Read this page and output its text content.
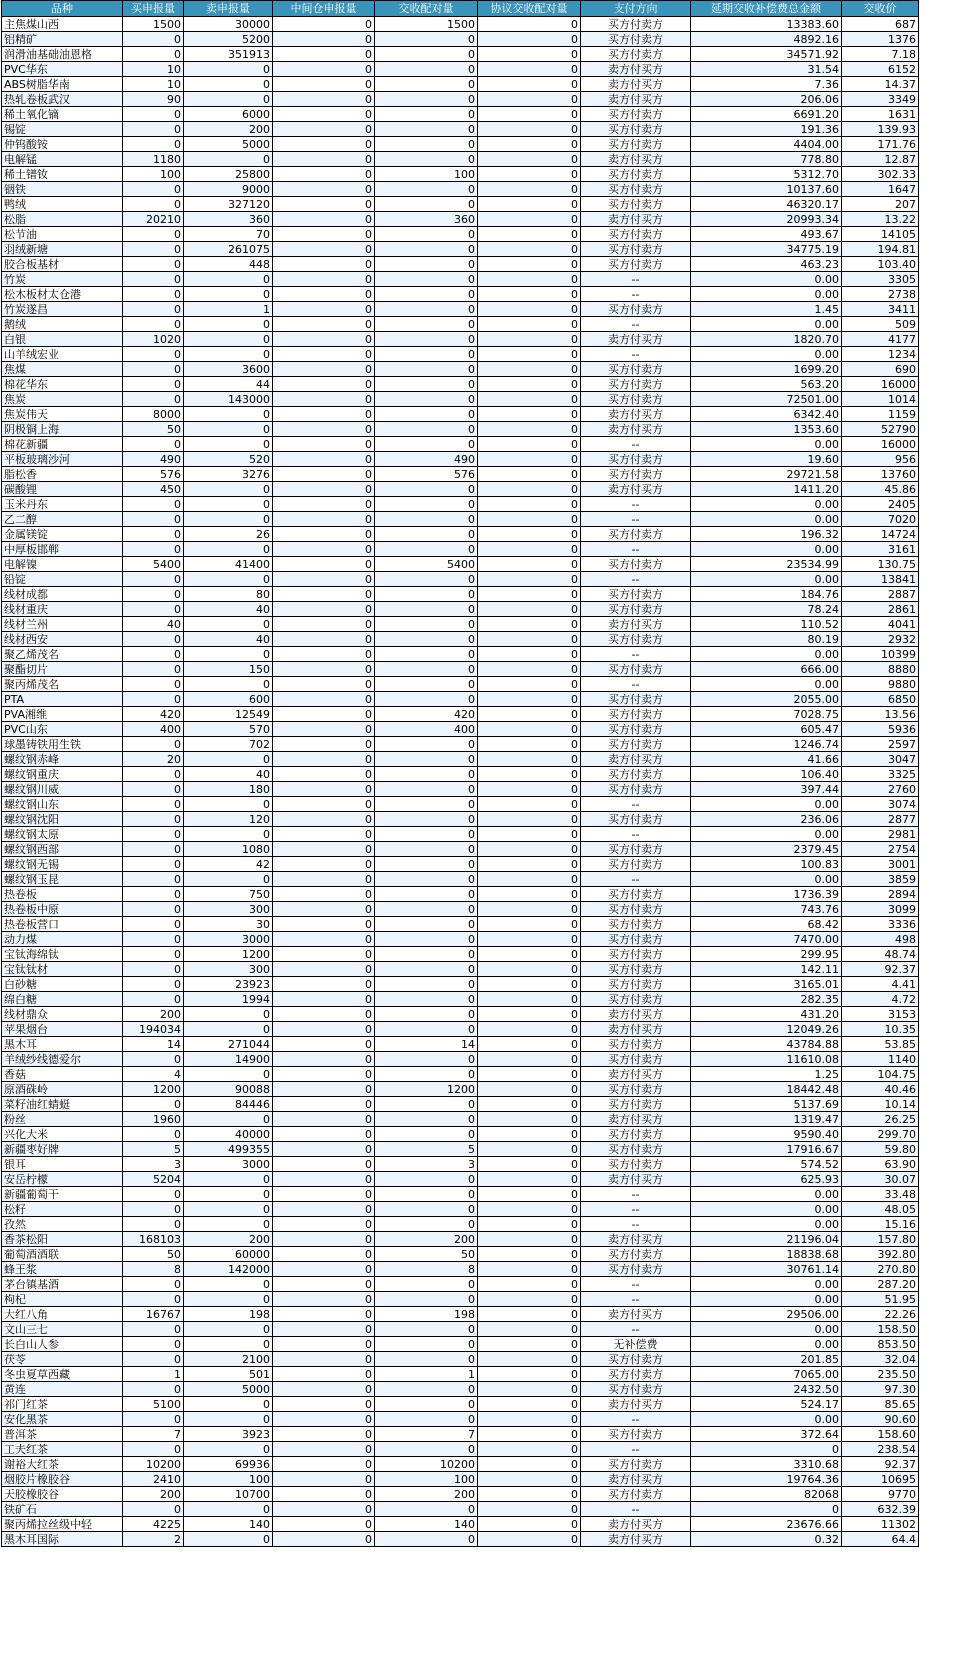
品种	买申报量	卖申报量	中间仓申报量	交收配对量	协议交收配对量	支付方向	延期交收补偿费总金额	交收价
主焦煤山西	1500	30000	0	1500	0	买方付卖方	13383.60	687
铝精矿	0	5200	0	0	0	买方付卖方	4892.16	1376
润滑油基础油恩格	0	351913	0	0	0	买方付卖方	34571.92	7.18
PVC华东	10	0	0	0	0	卖方付买方	31.54	6152
ABS树脂华南	10	0	0	0	0	卖方付买方	7.36	14.37
热轧卷板武汉	90	0	0	0	0	卖方付买方	206.06	3349
稀土氧化镝	0	6000	0	0	0	买方付卖方	6691.20	1631
锡锭	0	200	0	0	0	买方付卖方	191.36	139.93
仲钨酸铵	0	5000	0	0	0	买方付卖方	4404.00	171.76
电解锰	1180	0	0	0	0	卖方付买方	778.80	12.87
稀土镨钕	100	25800	0	100	0	买方付卖方	5312.70	302.33
铟铁	0	9000	0	0	0	买方付卖方	10137.60	1647
鸭绒	0	327120	0	0	0	买方付卖方	46320.17	207
松脂	20210	360	0	360	0	卖方付买方	20993.34	13.22
松节油	0	70	0	0	0	买方付卖方	493.67	14105
羽绒新塘	0	261075	0	0	0	买方付卖方	34775.19	194.81
胶合板基材	0	448	0	0	0	买方付卖方	463.23	103.40
竹炭	0	0	0	0	0	--	0.00	3305
松木板材太仓港	0	0	0	0	0	--	0.00	2738
竹炭遂昌	0	1	0	0	0	买方付卖方	1.45	3411
鹅绒	0	0	0	0	0	--	0.00	509
白银	1020	0	0	0	0	卖方付买方	1820.70	4177
山羊绒宏业	0	0	0	0	0	--	0.00	1234
焦煤	0	3600	0	0	0	买方付卖方	1699.20	690
棉花华东	0	44	0	0	0	买方付卖方	563.20	16000
焦炭	0	143000	0	0	0	买方付卖方	72501.00	1014
焦炭伟天	8000	0	0	0	0	卖方付买方	6342.40	1159
阴极铜上海	50	0	0	0	0	卖方付买方	1353.60	52790
棉花新疆	0	0	0	0	0	--	0.00	16000
平板玻璃沙河	490	520	0	490	0	买方付卖方	19.60	956
脂松香	576	3276	0	576	0	买方付卖方	29721.58	13760
碳酸锂	450	0	0	0	0	卖方付买方	1411.20	45.86
玉米丹东	0	0	0	0	0	--	0.00	2405
乙二醇	0	0	0	0	0	--	0.00	7020
金属镁锭	0	26	0	0	0	买方付卖方	196.32	14724
中厚板邯郸	0	0	0	0	0	--	0.00	3161
电解镍	5400	41400	0	5400	0	买方付卖方	23534.99	130.75
铅锭	0	0	0	0	0	--	0.00	13841
线材成都	0	80	0	0	0	买方付卖方	184.76	2887
线材重庆	0	40	0	0	0	买方付卖方	78.24	2861
线材兰州	40	0	0	0	0	卖方付买方	110.52	4041
线材西安	0	40	0	0	0	买方付卖方	80.19	2932
聚乙烯茂名	0	0	0	0	0	--	0.00	10399
聚酯切片	0	150	0	0	0	买方付卖方	666.00	8880
聚丙烯茂名	0	0	0	0	0	--	0.00	9880
PTA	0	600	0	0	0	买方付卖方	2055.00	6850
PVA湘维	420	12549	0	420	0	买方付卖方	7028.75	13.56
PVC山东	400	570	0	400	0	买方付卖方	605.47	5936
球墨铸铁用生铁	0	702	0	0	0	买方付卖方	1246.74	2597
螺纹钢赤峰	20	0	0	0	0	卖方付买方	41.66	3047
螺纹钢重庆	0	40	0	0	0	买方付卖方	106.40	3325
螺纹钢川威	0	180	0	0	0	买方付卖方	397.44	2760
螺纹钢山东	0	0	0	0	0	--	0.00	3074
螺纹钢沈阳	0	120	0	0	0	买方付卖方	236.06	2877
螺纹钢太原	0	0	0	0	0	--	0.00	2981
螺纹钢西部	0	1080	0	0	0	买方付卖方	2379.45	2754
螺纹钢无锡	0	42	0	0	0	买方付卖方	100.83	3001
螺纹钢玉昆	0	0	0	0	0	--	0.00	3859
热卷板	0	750	0	0	0	买方付卖方	1736.39	2894
热卷板中原	0	300	0	0	0	买方付卖方	743.76	3099
热卷板营口	0	30	0	0	0	买方付卖方	68.42	3336
动力煤	0	3000	0	0	0	买方付卖方	7470.00	498
宝钛海绵钛	0	1200	0	0	0	买方付卖方	299.95	48.74
宝钛钛材	0	300	0	0	0	买方付卖方	142.11	92.37
白砂糖	0	23923	0	0	0	买方付卖方	3165.01	4.41
绵白糖	0	1994	0	0	0	买方付卖方	282.35	4.72
线材鼎众	200	0	0	0	0	卖方付买方	431.20	3153
苹果烟台	194034	0	0	0	0	卖方付买方	12049.26	10.35
黑木耳	14	271044	0	14	0	买方付卖方	43784.88	53.85
羊绒纱线德爱尔	0	14900	0	0	0	买方付卖方	11610.08	1140
香菇	4	0	0	0	0	卖方付买方	1.25	104.75
原酒硃岭	1200	90088	0	1200	0	买方付卖方	18442.48	40.46
菜籽油红蜻蜓	0	84446	0	0	0	买方付卖方	5137.69	10.14
粉丝	1960	0	0	0	0	卖方付买方	1319.47	26.25
兴化大米	0	40000	0	0	0	买方付卖方	9590.40	299.70
新疆枣好牌	5	499355	0	5	0	买方付卖方	17916.67	59.80
银耳	3	3000	0	3	0	买方付卖方	574.52	63.90
安岳柠檬	5204	0	0	0	0	卖方付买方	625.93	30.07
新疆葡萄干	0	0	0	0	0	--	0.00	33.48
松籽	0	0	0	0	0	--	0.00	48.05
孜然	0	0	0	0	0	--	0.00	15.16
香茶松阳	168103	200	0	200	0	卖方付买方	21196.04	157.80
葡萄酒酒联	50	60000	0	50	0	买方付卖方	18838.68	392.80
蜂王浆	8	142000	0	8	0	买方付卖方	30761.14	270.80
茅台镇基酒	0	0	0	0	0	--	0.00	287.20
枸杞	0	0	0	0	0	--	0.00	51.95
大红八角	16767	198	0	198	0	卖方付买方	29506.00	22.26
文山三七	0	0	0	0	0	--	0.00	158.50
长白山人参	0	0	0	0	0	无补偿费	0.00	853.50
茯苓	0	2100	0	0	0	买方付卖方	201.85	32.04
冬虫夏草西藏	1	501	0	1	0	买方付卖方	7065.00	235.50
黄连	0	5000	0	0	0	买方付卖方	2432.50	97.30
祁门红茶	5100	0	0	0	0	卖方付买方	524.17	85.65
安化黑茶	0	0	0	0	0	--	0.00	90.60
普洱茶	7	3923	0	7	0	买方付卖方	372.64	158.60
工夫红茶	0	0	0	0	0	--	0	238.54
谢裕大红茶	10200	69936	0	10200	0	买方付卖方	3310.68	92.37
烟胶片橡胶谷	2410	100	0	100	0	卖方付买方	19764.36	10695
天胶橡胶谷	200	10700	0	200	0	买方付卖方	82068	9770
铁矿石	0	0	0	0	0	--	0	632.39
聚丙烯拉丝级中轻	4225	140	0	140	0	卖方付买方	23676.66	11302
黑木耳国际	2	0	0	0	0	卖方付买方	0.32	64.4
